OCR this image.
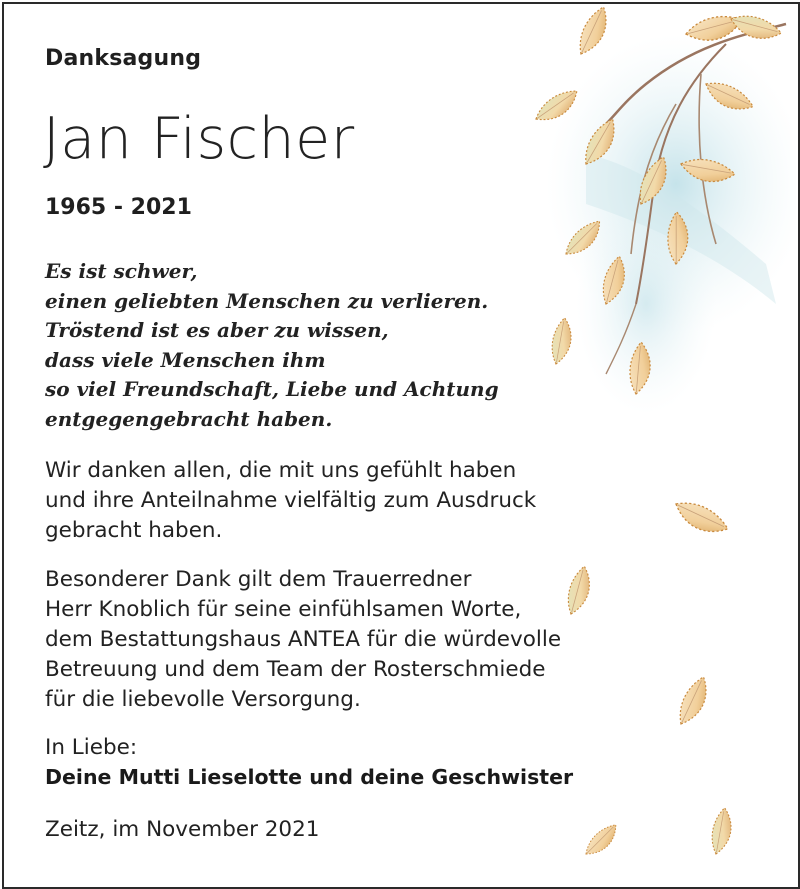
Danksagung
Jan Fischer
1965 - 2021
Es ist schwer,
einen geliebten Menschen zu verlieren.
Tröstend ist es aber zu wissen,
dass viele Menschen ihm
so viel Freundschaft, Liebe und Achtung
entgegengebracht haben.
Wir danken allen, die mit uns gefühlt haben
und ihre Anteilnahme vielfältig zum Ausdruck
gebracht haben.
Besonderer Dank gilt dem Trauerredner
Herr Knoblich für seine einfühlsamen Worte,
dem Bestattungshaus ANTEA für die würdevolle
Betreuung und dem Team der Rosterschmiede
für die liebevolle Versorgung.
In Liebe:
Deine Mutti Lieselotte und deine Geschwister
Zeitz, im November 2021
